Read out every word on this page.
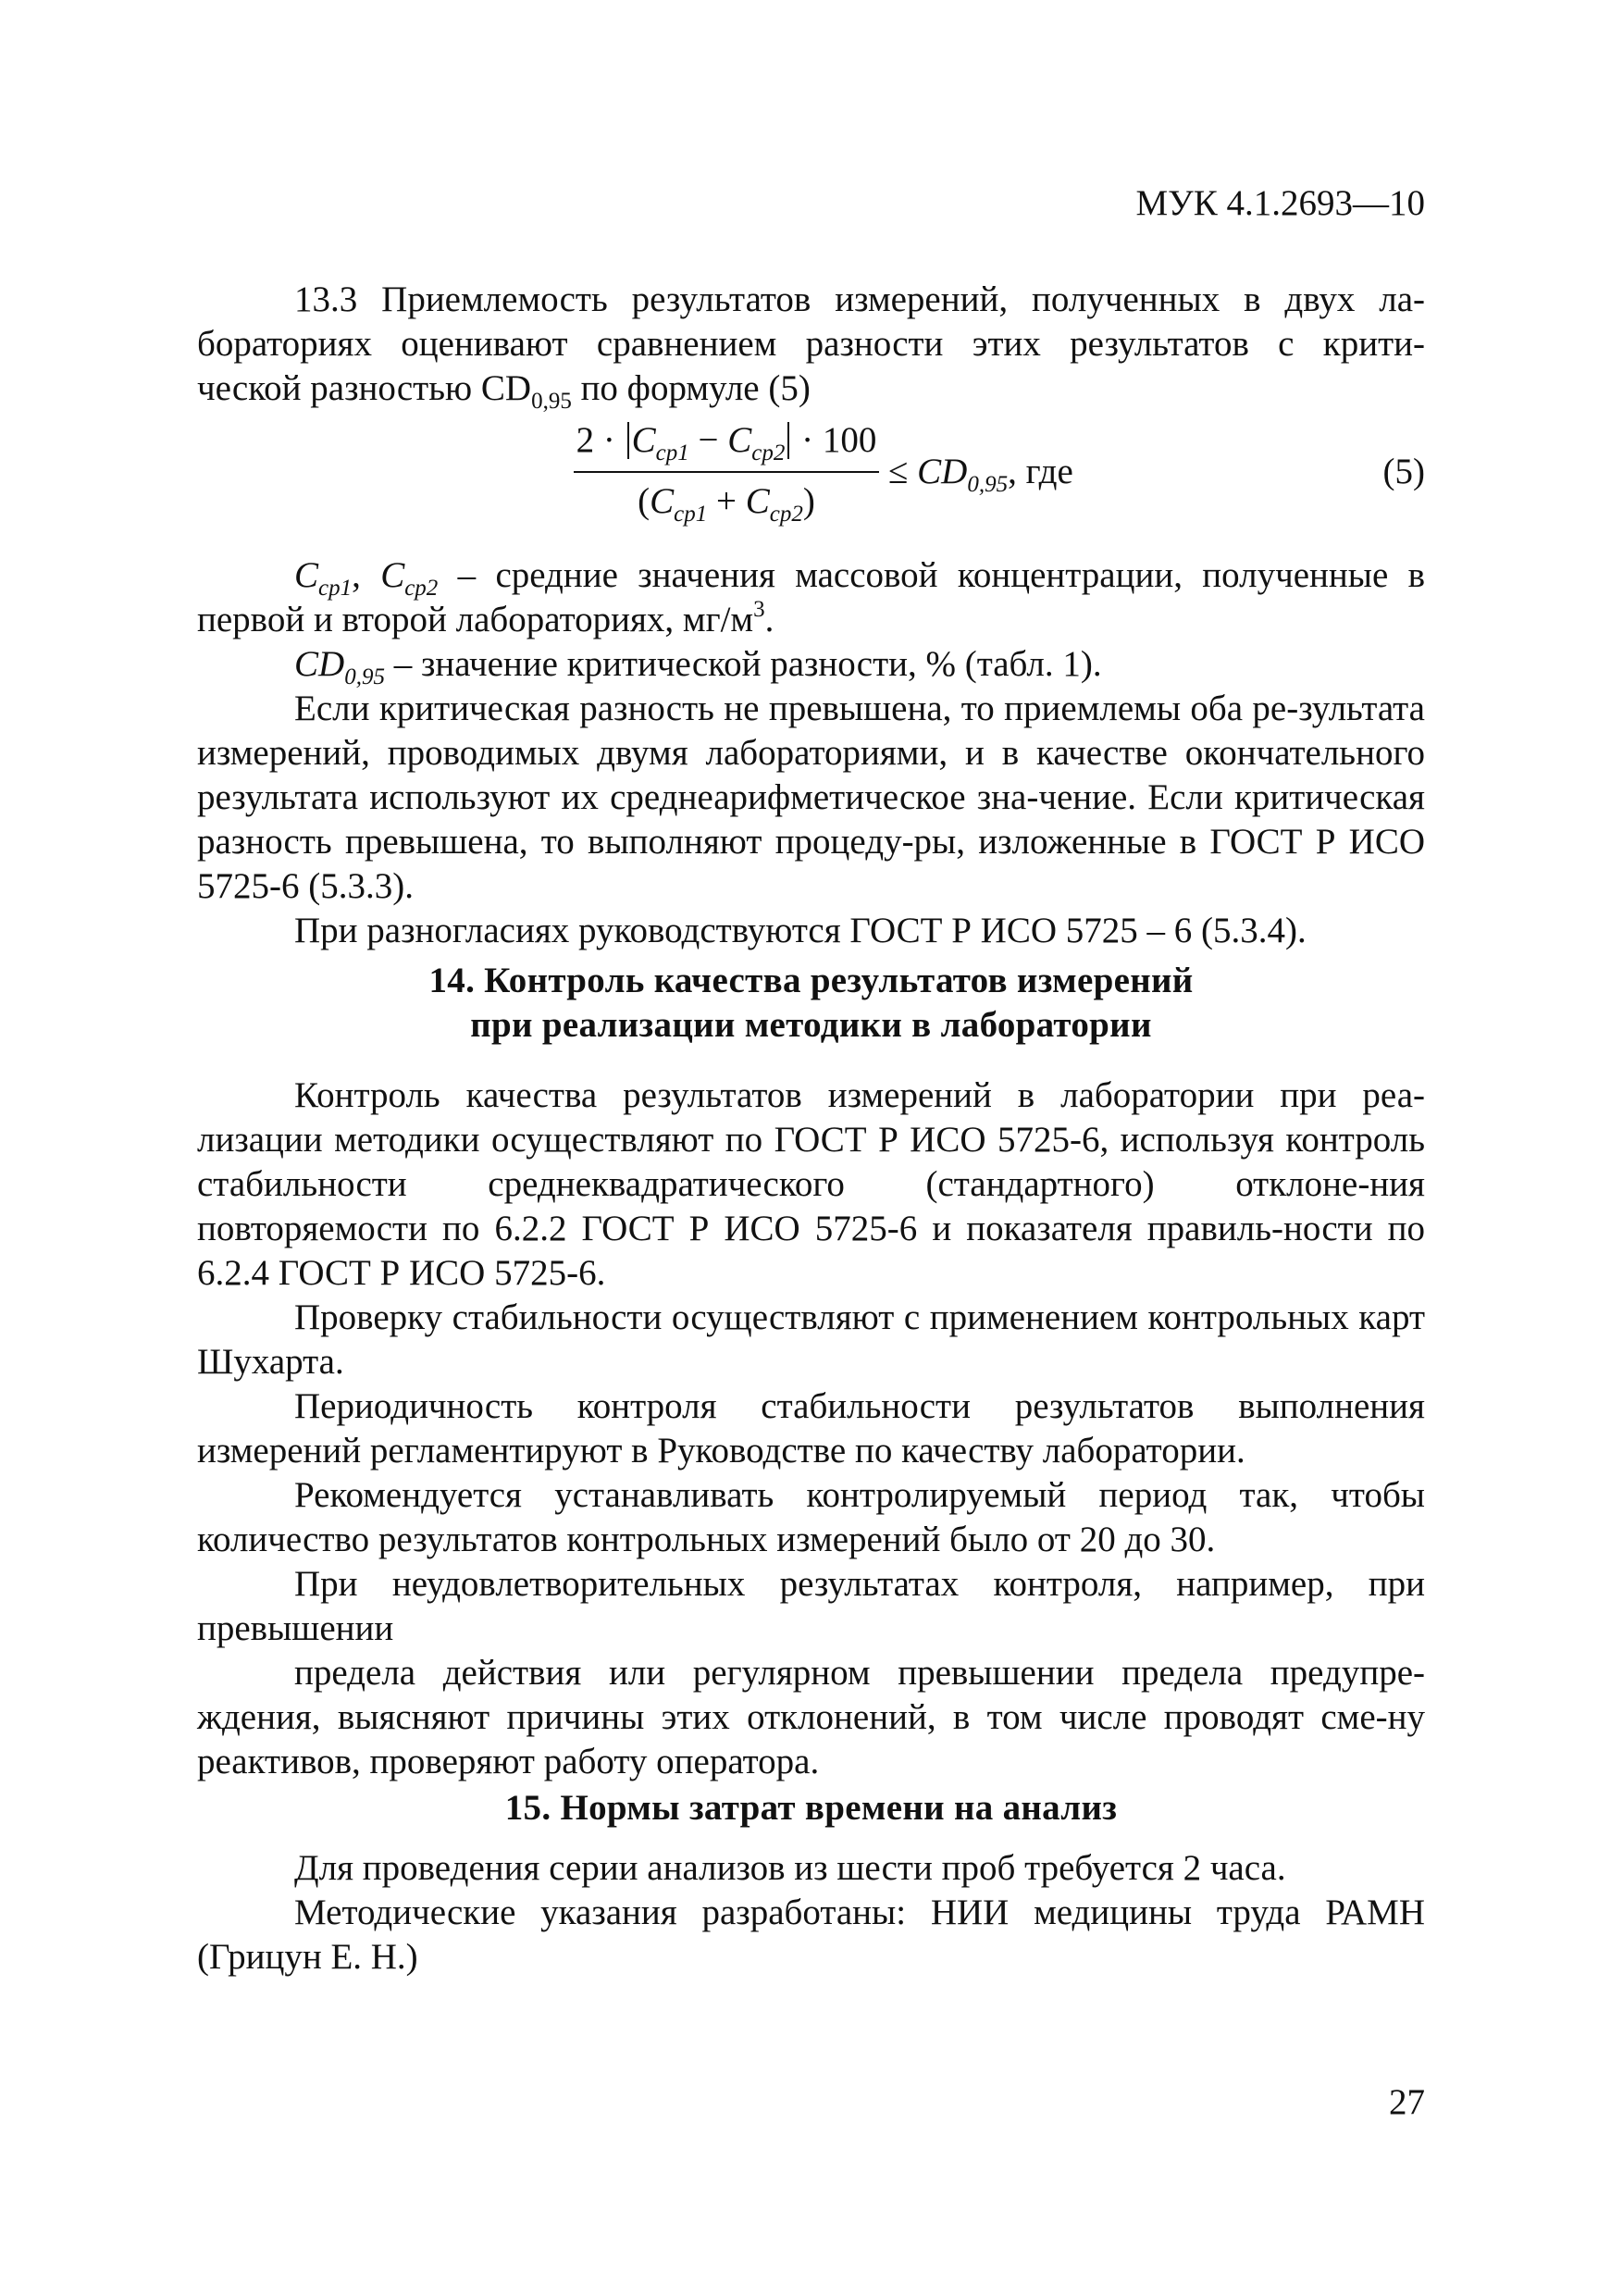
МУК 4.1.2693—10

13.3 Приемлемость результатов измерений, полученных в двух ла-

бораториях оценивают сравнением разности этих результатов с крити-

ческой разностью $CD_{0,95}$ по формуле (5)

$2 \cdot C_{ср1} - C_{ср2} \cdot 100$
$(C_{ср1} + C_{ср2})$
≤ $CD_{0,95}$, где	(5)

$C_{cp1}$, $C_{cp2}$ – средние значения массовой концентрации, полученные в

первой и второй лабораториях, $мг/м^3$.

$CD_{0,95}$ – значение критической разности, % (табл. 1).

Если критическая разность не превышена, то приемлемы оба ре-зультата измерений, проводимых двумя лабораториями, и в качестве окончательного результата используют их среднеарифметическое зна-чение. Если критическая разность превышена, то выполняют процеду-ры, изложенные в ГОСТ Р ИСО 5725-6 (5.3.3).

При разногласиях руководствуются ГОСТ Р ИСО 5725 – 6 (5.3.4).

14. Контроль качества результатов измерений

при реализации методики в лаборатории

Контроль качества результатов измерений в лаборатории при реа-лизации методики осуществляют по ГОСТ Р ИСО 5725-6, используя контроль стабильности среднеквадратического (стандартного) отклоне-ния повторяемости по 6.2.2 ГОСТ Р ИСО 5725-6 и показателя правиль-ности по 6.2.4 ГОСТ Р ИСО 5725-6.

Проверку стабильности осуществляют с применением контрольных карт Шухарта.

Периодичность контроля стабильности результатов выполнения измерений регламентируют в Руководстве по качеству лаборатории.

Рекомендуется устанавливать контролируемый период так, чтобы количество результатов контрольных измерений было от 20 до 30.

При неудовлетворительных результатах контроля, например, при превышении

предела действия или регулярном превышении предела предупре-ждения, выясняют причины этих отклонений, в том числе проводят сме-ну реактивов, проверяют работу оператора.

15. Нормы затрат времени на анализ

Для проведения серии анализов из шести проб требуется 2 часа.

Методические указания разработаны: НИИ медицины труда РАМН (Грицун Е. Н.)

27
